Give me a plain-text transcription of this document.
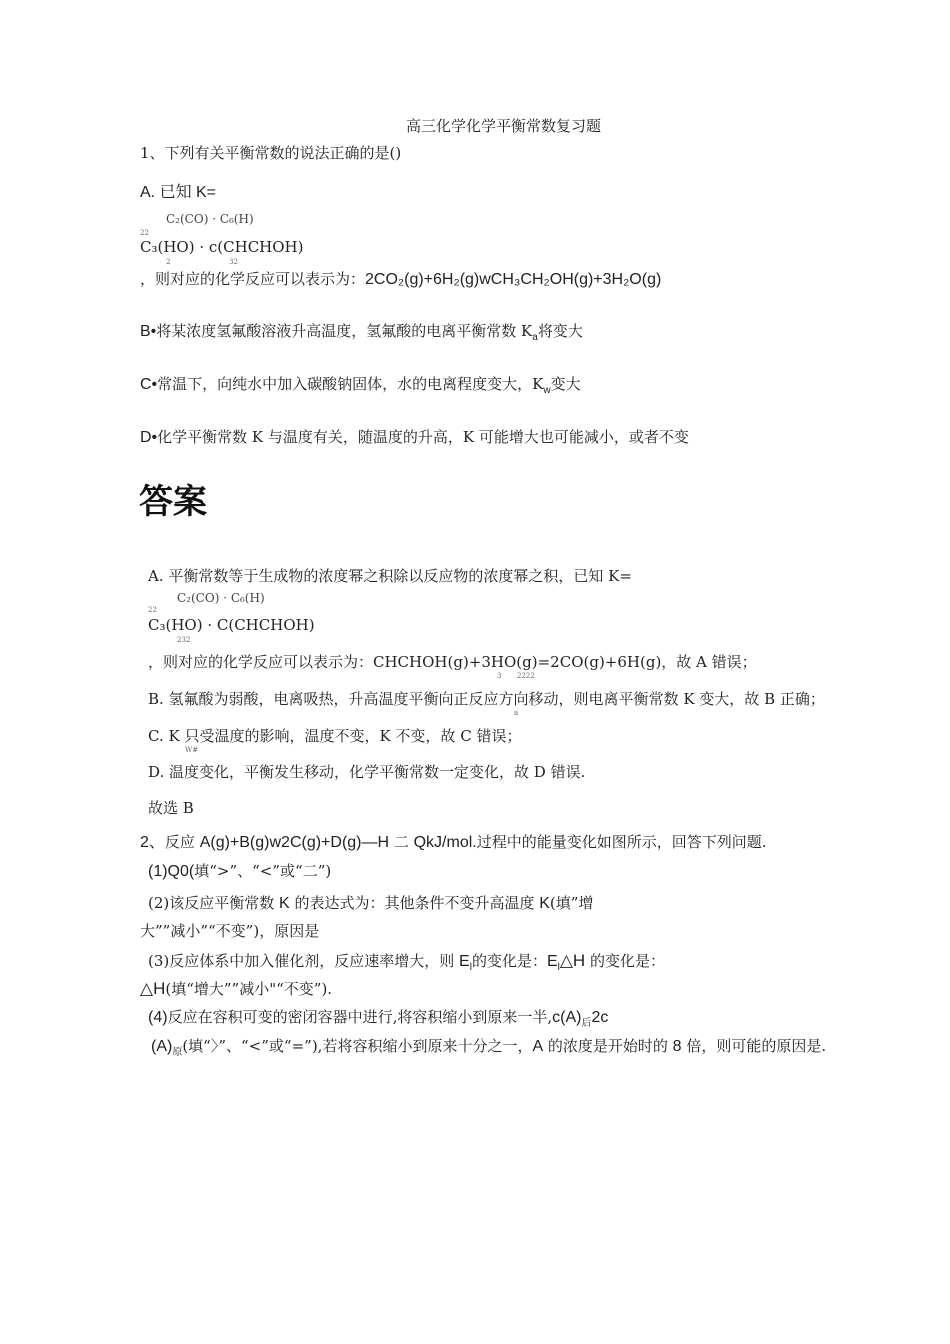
高三化学化学平衡常数复习题
1、下列有关平衡常数的说法正确的是()
A. 已知 K=
C₂(CO) · C₆(H)
22
C₃(HO) · c(CHCHOH)
2	32
，则对应的化学反应可以表示为：2CO₂(g)+6H₂(g)wCH₃CH₂OH(g)+3H₂O(g)
B•将某浓度氢氟酸溶液升高温度，氢氟酸的电离平衡常数 $K_a$将变大
C•常温下，向纯水中加入碳酸钠固体，水的电离程度变大，$K_w$变大
D•化学平衡常数 K 与温度有关，随温度的升高，K 可能增大也可能减小，或者不变
答案
A. 平衡常数等于生成物的浓度幂之积除以反应物的浓度幂之积，已知 K=
C₂(CO) · C₆(H)
22
C₃(HO) · C(CHCHOH)
232
，则对应的化学反应可以表示为：CHCHOH(g)+3HO(g)=2CO(g)+6H(g)，故 A 错误；
3 2222
B. 氢氟酸为弱酸，电离吸热，升高温度平衡向正反应方向移动，则电离平衡常数 K 变大，故 B 正确；
a
C. K 只受温度的影响，温度不变，K 不变，故 C 错误；
W#
D. 温度变化，平衡发生移动，化学平衡常数一定变化，故 D 错误.
故选 B
2、反应 A(g)+B(g)w2C(g)+D(g)—H 二 QkJ/mol.过程中的能量变化如图所示，回答下列问题.
(1)Q0(填“>”、“<”或“二”)
(2)该反应平衡常数 K 的表达式为：其他条件不变升高温度 K(填”增
大””减小”“不变”)，原因是
(3)反应体系中加入催化剂，反应速率增大，则 $E_l$的变化是：$E_l\triangle H$ 的变化是：
△H(填“增大””减小"“不变”).
(4)反应在容积可变的密闭容器中进行,将容积缩小到原来一半$,c(A)_后2c$
$(A)_原$(填“〉”、“<”或“=”),若将容积缩小到原来十分之一，A 的浓度是开始时的 8 倍，则可能的原因是.
